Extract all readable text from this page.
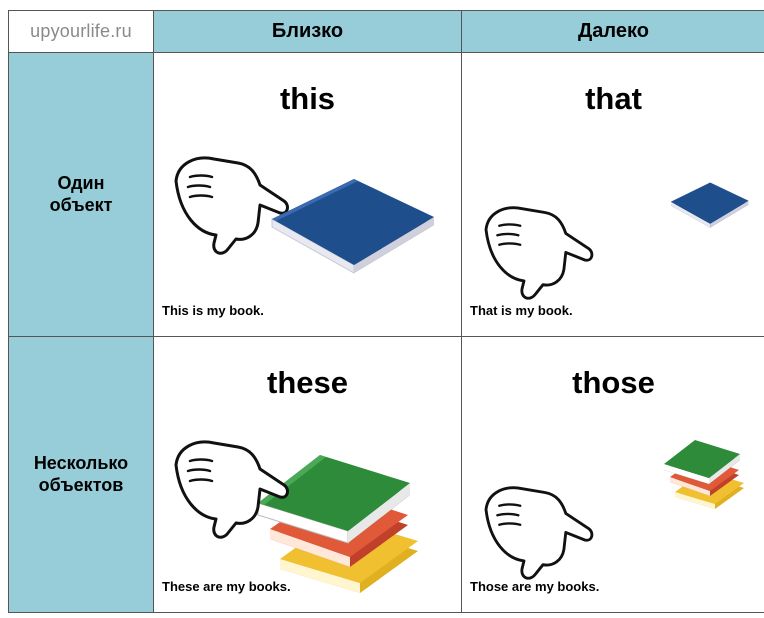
upyourlife.ru	Близко	Далеко
Один
объект
this
This is my book.
that
That is my book.
Несколько
объектов
these
These are my books.
those
Those are my books.
